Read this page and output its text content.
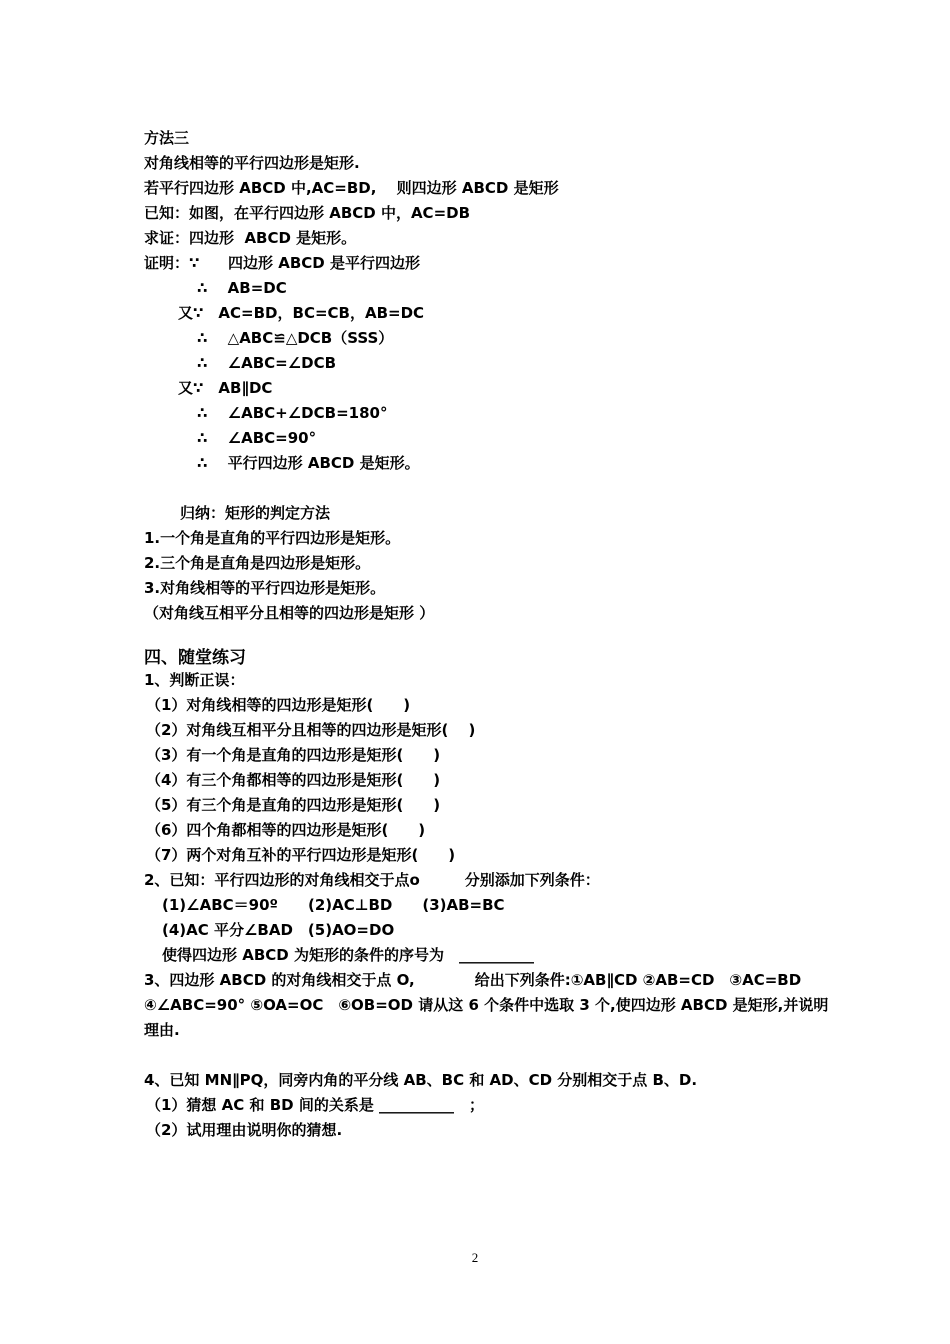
方法三
对角线相等的平行四边形是矩形.
若平行四边形 ABCD 中,AC=BD,　 则四边形 ABCD 是矩形
已知：如图，在平行四边形 ABCD 中，AC=DB
求证：四边形  ABCD 是矩形。
证明：∵ 四边形 ABCD 是平行四边形
∴　 AB=DC
又∵　AC=BD，BC=CB，AB=DC
∴　 △ABC≌△DCB（SSS）
∴　 ∠ABC=∠DCB
又∵　AB∥DC
∴　 ∠ABC+∠DCB=180°
∴　 ∠ABC=90°
∴　 平行四边形 ABCD 是矩形。
归纳：矩形的判定方法
1.一个角是直角的平行四边形是矩形。
2.三个角是直角是四边形是矩形。
3.对角线相等的平行四边形是矩形。
（对角线互相平分且相等的四边形是矩形 ）
四、随堂练习
1、判断正误：
（1）对角线相等的四边形是矩形(　　)
（2）对角线互相平分且相等的四边形是矩形( 　)
（3）有一个角是直角的四边形是矩形(　　)
（4）有三个角都相等的四边形是矩形(　　)
（5）有三个角是直角的四边形是矩形(　　)
（6）四个角都相等的四边形是矩形(　　)
（7）两个对角互补的平行四边形是矩形(　　)
2、已知：平行四边形的对角线相交于点o　　　分别添加下列条件：
(1)∠ABC＝90º　　(2)AC⊥BD　　(3)AB=BC
(4)AC 平分∠BAD　(5)AO=DO
使得四边形 ABCD 为矩形的条件的序号为　__________
3、四边形 ABCD 的对角线相交于点 O,　　　　给出下列条件:①AB∥CD ②AB=CD　③AC=BD
④∠ABC=90° ⑤OA=OC　⑥OB=OD 请从这 6 个条件中选取 3 个,使四边形 ABCD 是矩形,并说明
理由.
4、已知 MN∥PQ，同旁内角的平分线 AB、BC 和 AD、CD 分别相交于点 B、D.
（1）猜想 AC 和 BD 间的关系是 __________　；
（2）试用理由说明你的猜想.
2
